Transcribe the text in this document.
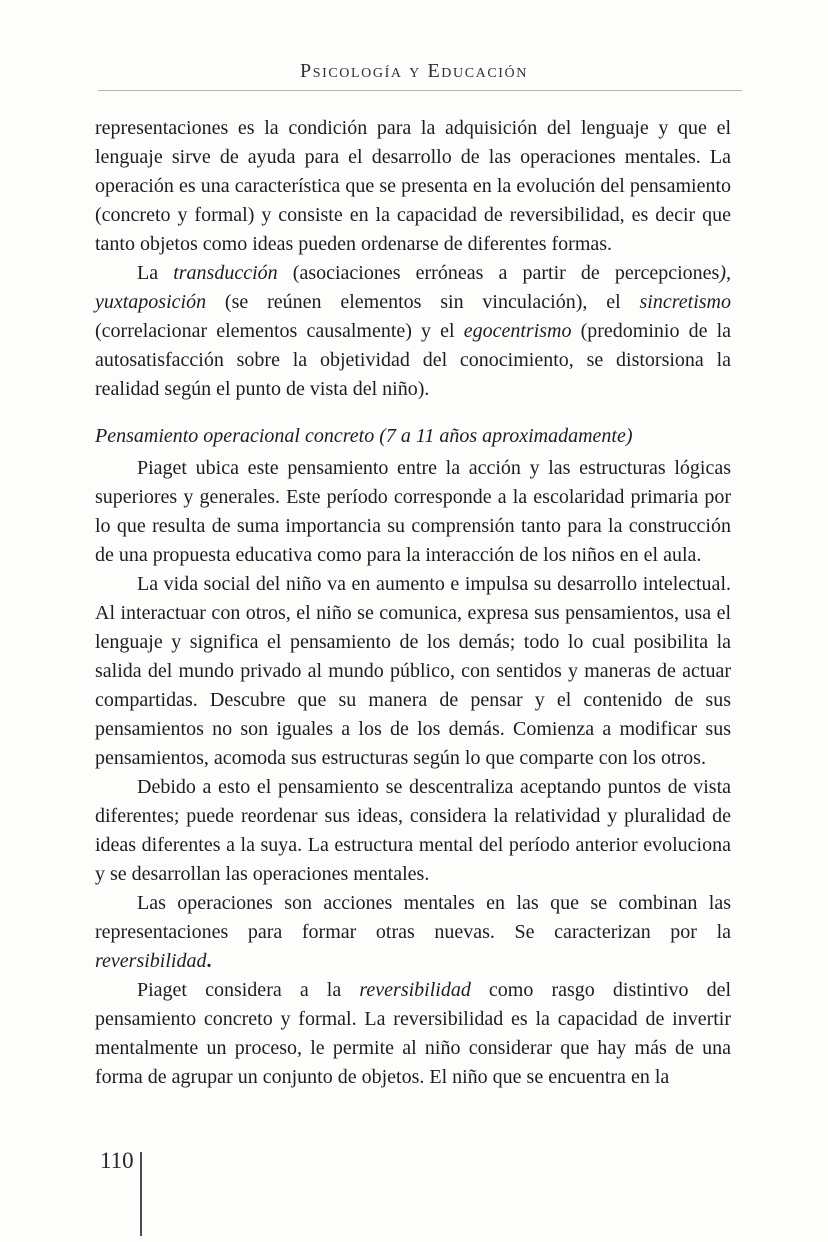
Psicología y Educación

representaciones es la condición para la adquisición del lenguaje y que el lenguaje sirve de ayuda para el desarrollo de las operaciones mentales. La operación es una característica que se presenta en la evolución del pensamiento (concreto y formal) y consiste en la capacidad de reversibilidad, es decir que tanto objetos como ideas pueden ordenarse de diferentes formas.

La transducción (asociaciones erróneas a partir de percepciones), yuxtaposición (se reúnen elementos sin vinculación), el sincretismo (correlacionar elementos causalmente) y el egocentrismo (predominio de la autosatisfacción sobre la objetividad del conocimiento, se distorsiona la realidad según el punto de vista del niño).

Pensamiento operacional concreto (7 a 11 años aproximadamente)

Piaget ubica este pensamiento entre la acción y las estructuras lógicas superiores y generales. Este período corresponde a la escolaridad primaria por lo que resulta de suma importancia su comprensión tanto para la construcción de una propuesta educativa como para la interacción de los niños en el aula.

La vida social del niño va en aumento e impulsa su desarrollo intelectual. Al interactuar con otros, el niño se comunica, expresa sus pensamientos, usa el lenguaje y significa el pensamiento de los demás; todo lo cual posibilita la salida del mundo privado al mundo público, con sentidos y maneras de actuar compartidas. Descubre que su manera de pensar y el contenido de sus pensamientos no son iguales a los de los demás. Comienza a modificar sus pensamientos, acomoda sus estructuras según lo que comparte con los otros.

Debido a esto el pensamiento se descentraliza aceptando puntos de vista diferentes; puede reordenar sus ideas, considera la relatividad y pluralidad de ideas diferentes a la suya. La estructura mental del período anterior evoluciona y se desarrollan las operaciones mentales.

Las operaciones son acciones mentales en las que se combinan las representaciones para formar otras nuevas. Se caracterizan por la reversibilidad.

Piaget considera a la reversibilidad como rasgo distintivo del pensamiento concreto y formal. La reversibilidad es la capacidad de invertir mentalmente un proceso, le permite al niño considerar que hay más de una forma de agrupar un conjunto de objetos. El niño que se encuentra en la

110
